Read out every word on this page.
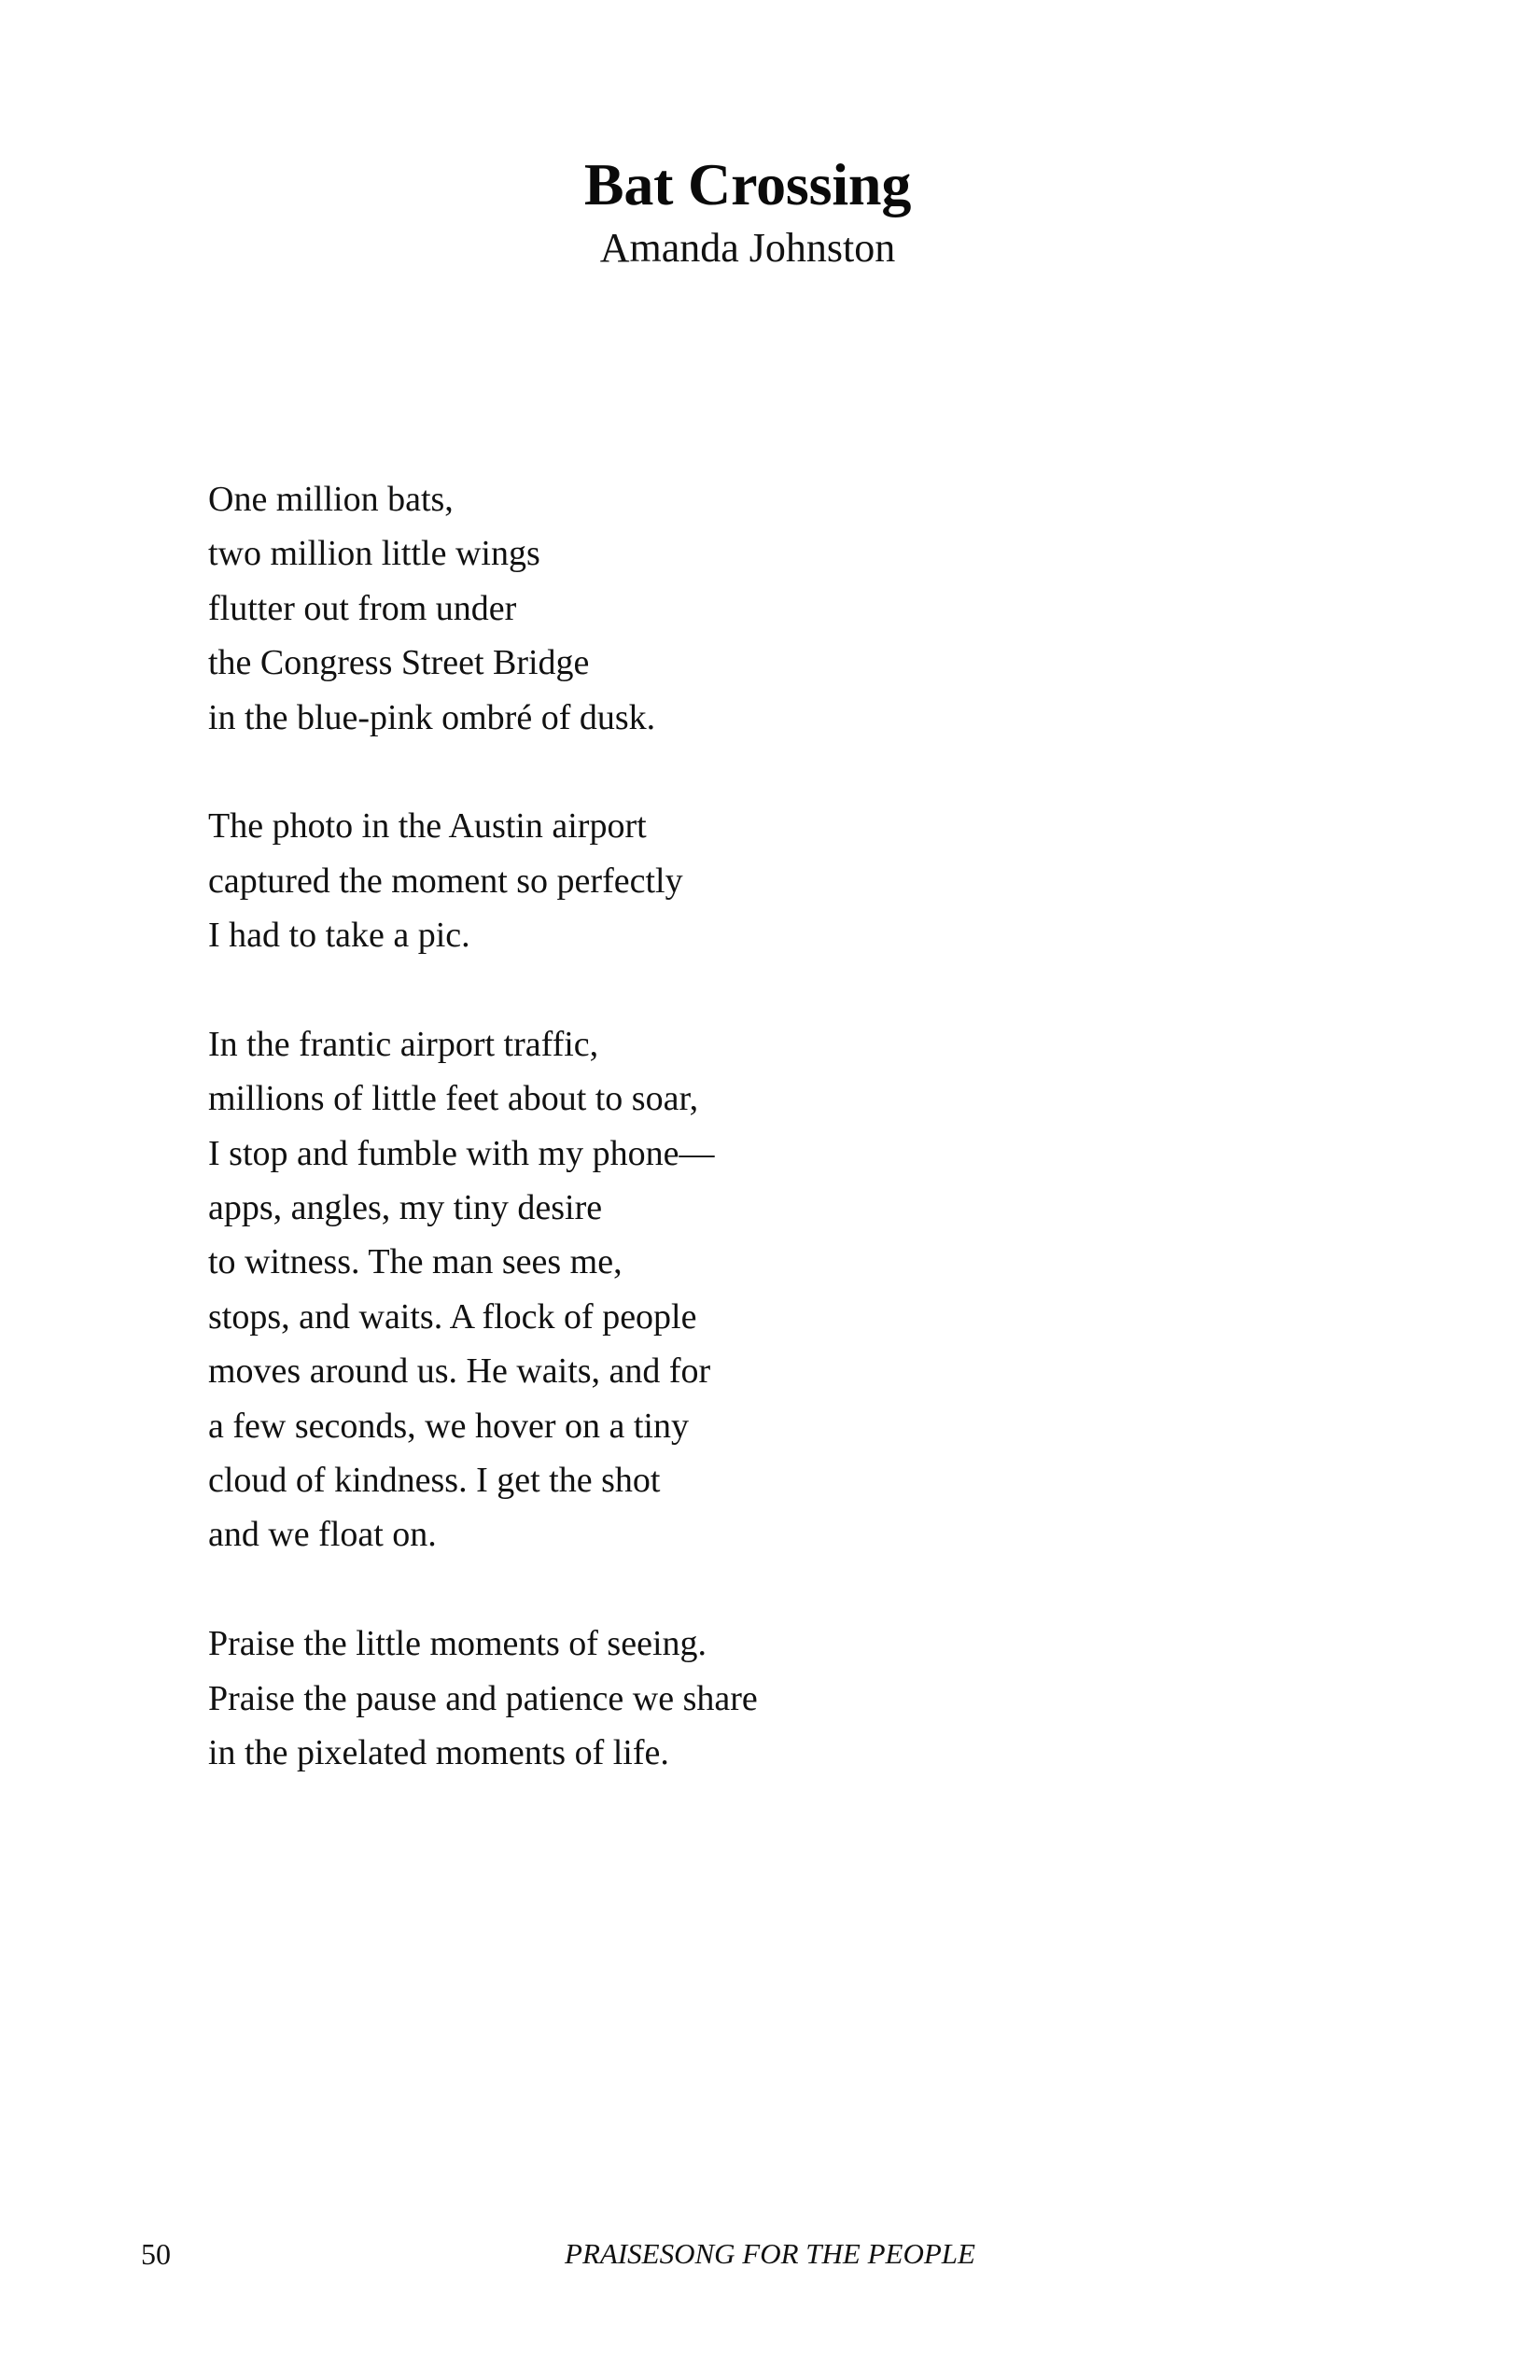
Bat Crossing
Amanda Johnston
One million bats,
two million little wings
flutter out from under
the Congress Street Bridge
in the blue-pink ombré of dusk.
The photo in the Austin airport
captured the moment so perfectly
I had to take a pic.
In the frantic airport traffic,
millions of little feet about to soar,
I stop and fumble with my phone—
apps, angles, my tiny desire
to witness. The man sees me,
stops, and waits. A flock of people
moves around us. He waits, and for
a few seconds, we hover on a tiny
cloud of kindness. I get the shot
and we float on.
Praise the little moments of seeing.
Praise the pause and patience we share
in the pixelated moments of life.
50	PRAISESONG FOR THE PEOPLE
